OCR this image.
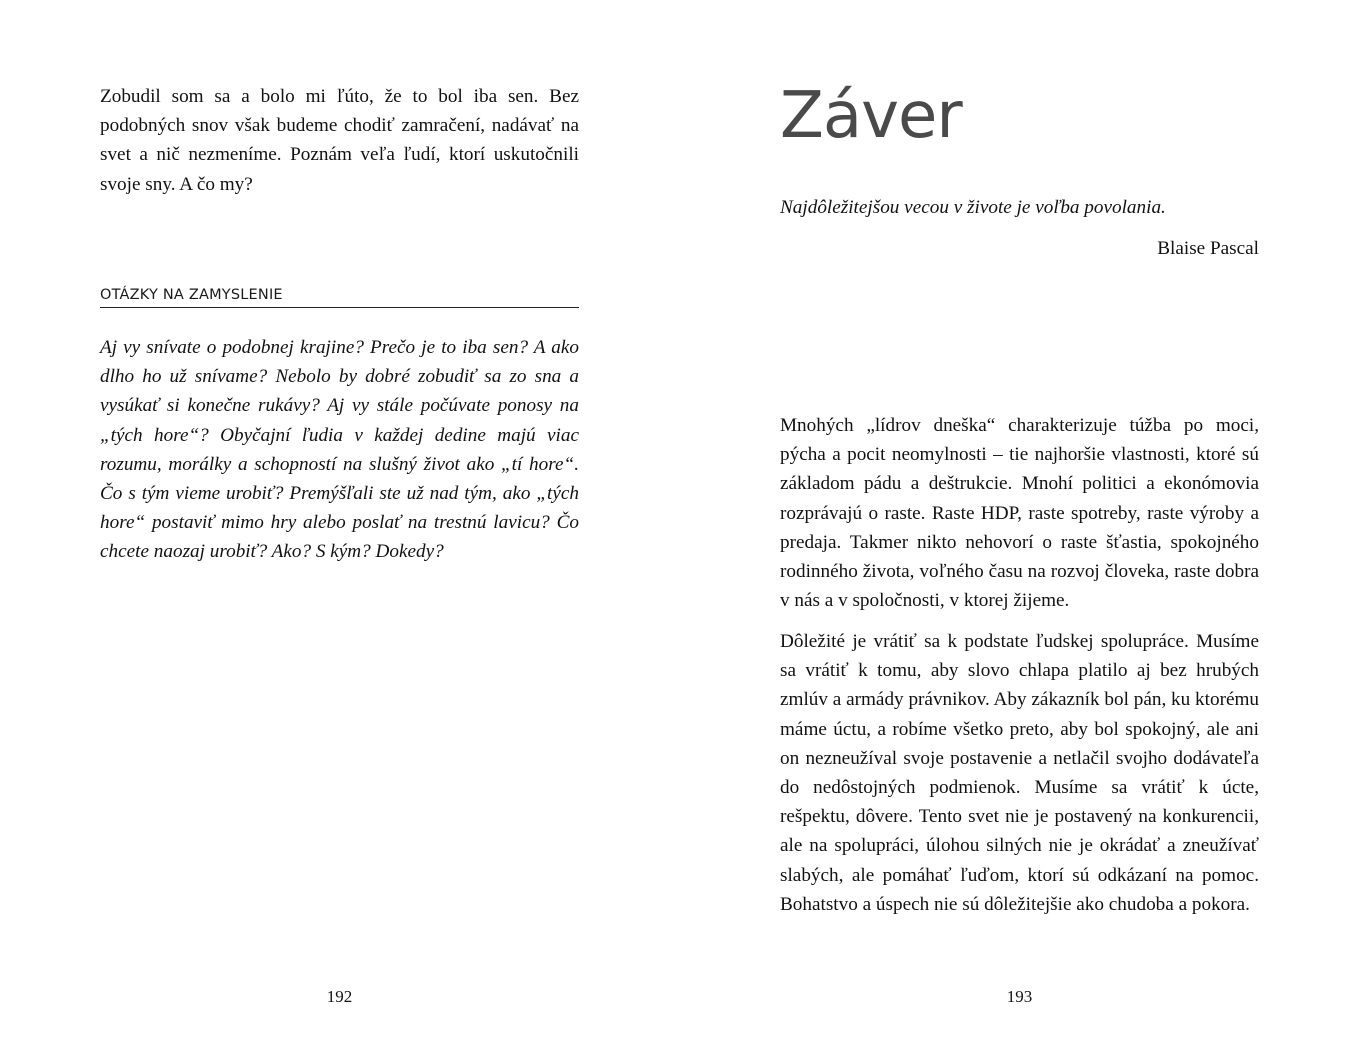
Zobudil som sa a bolo mi ľúto, že to bol iba sen. Bez podobných snov však budeme chodiť zamračení, nadávať na svet a nič nezmeníme. Poznám veľa ľudí, ktorí uskutočnili svoje sny. A čo my?

OTÁZKY NA ZAMYSLENIE

Aj vy snívate o podobnej krajine? Prečo je to iba sen? A ako dlho ho už snívame? Nebolo by dobré zobudiť sa zo sna a vysúkať si konečne rukávy? Aj vy stále počúvate ponosy na „tých hore“? Obyčajní ľudia v každej dedine majú viac rozumu, morálky a schopností na slušný život ako „tí hore“. Čo s tým vieme urobiť? Premýšľali ste už nad tým, ako „tých hore“ postaviť mimo hry alebo poslať na trestnú lavicu? Čo chcete naozaj urobiť? Ako? S kým? Dokedy?

192
Záver
Najdôležitejšou vecou v živote je voľba povolania.
Blaise Pascal

Mnohých „lídrov dneška“ charakterizuje túžba po moci, pýcha a pocit neomylnosti – tie najhoršie vlastnosti, ktoré sú základom pádu a deštrukcie. Mnohí politici a ekonómovia rozprávajú o raste. Raste HDP, raste spotreby, raste výroby a predaja. Takmer nikto nehovorí o raste šťastia, spokojného rodinného života, voľného času na rozvoj človeka, raste dobra v nás a v spoločnosti, v ktorej žijeme.

Dôležité je vrátiť sa k podstate ľudskej spolupráce. Musíme sa vrátiť k tomu, aby slovo chlapa platilo aj bez hrubých zmlúv a armády právnikov. Aby zákazník bol pán, ku ktorému máme úctu, a robíme všetko preto, aby bol spokojný, ale ani on nezneužíval svoje postavenie a netlačil svojho dodávateľa do nedôstojných podmienok. Musíme sa vrátiť k úcte, rešpektu, dôvere. Tento svet nie je postavený na konkurencii, ale na spolupráci, úlohou silných nie je okrádať a zneužívať slabých, ale pomáhať ľuďom, ktorí sú odkázaní na pomoc. Bohatstvo a úspech nie sú dôležitejšie ako chudoba a pokora.

193
